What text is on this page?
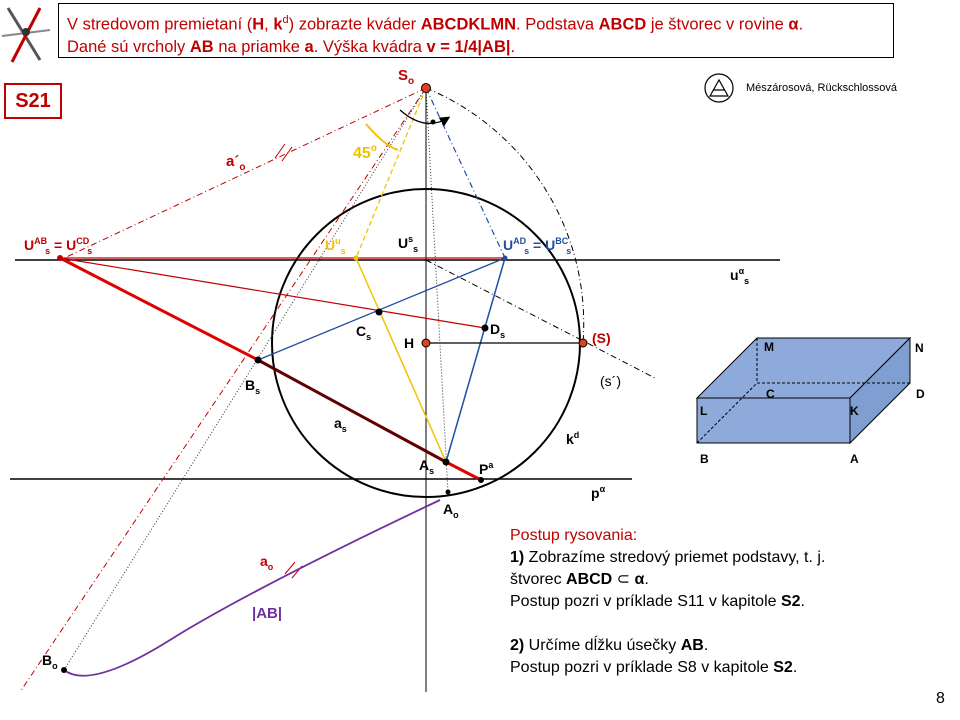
V stredovom premietaní (H, $k^d$) zobrazte kváder ABCDKLMN. Podstava ABCD je štvorec v rovine α.
Dané sú vrcholy AB na priamke a. Výška kvádra v = 1/4|AB|.
S21
Mészárosová, Rückschlossová
$S_o$
$a´_o$
45$^o$
$U^{AB}$ $s = U^{CD}$ s	$U^u_s$	$U^s_s$	$U^{AD}$ $s = U^{BC}$ s
$u^\alpha_s$
$C_s$	$D_s$
H	(S)
(s´)
$B_s$
$a_s$
$k^d$
$A_s$	$P^a$
$p^\alpha$
$A_o$
$a_o$
|AB|
$B_o$
M	N
C	D
L	K
B	A
Postup rysovania:
1) Zobrazíme stredový priemet podstavy, t. j.
štvorec ABCD ⊂ α.
Postup pozri v príklade S11 v kapitole S2.
2) Určíme dĺžku úsečky AB.
Postup pozri v príklade S8 v kapitole S2.
8
